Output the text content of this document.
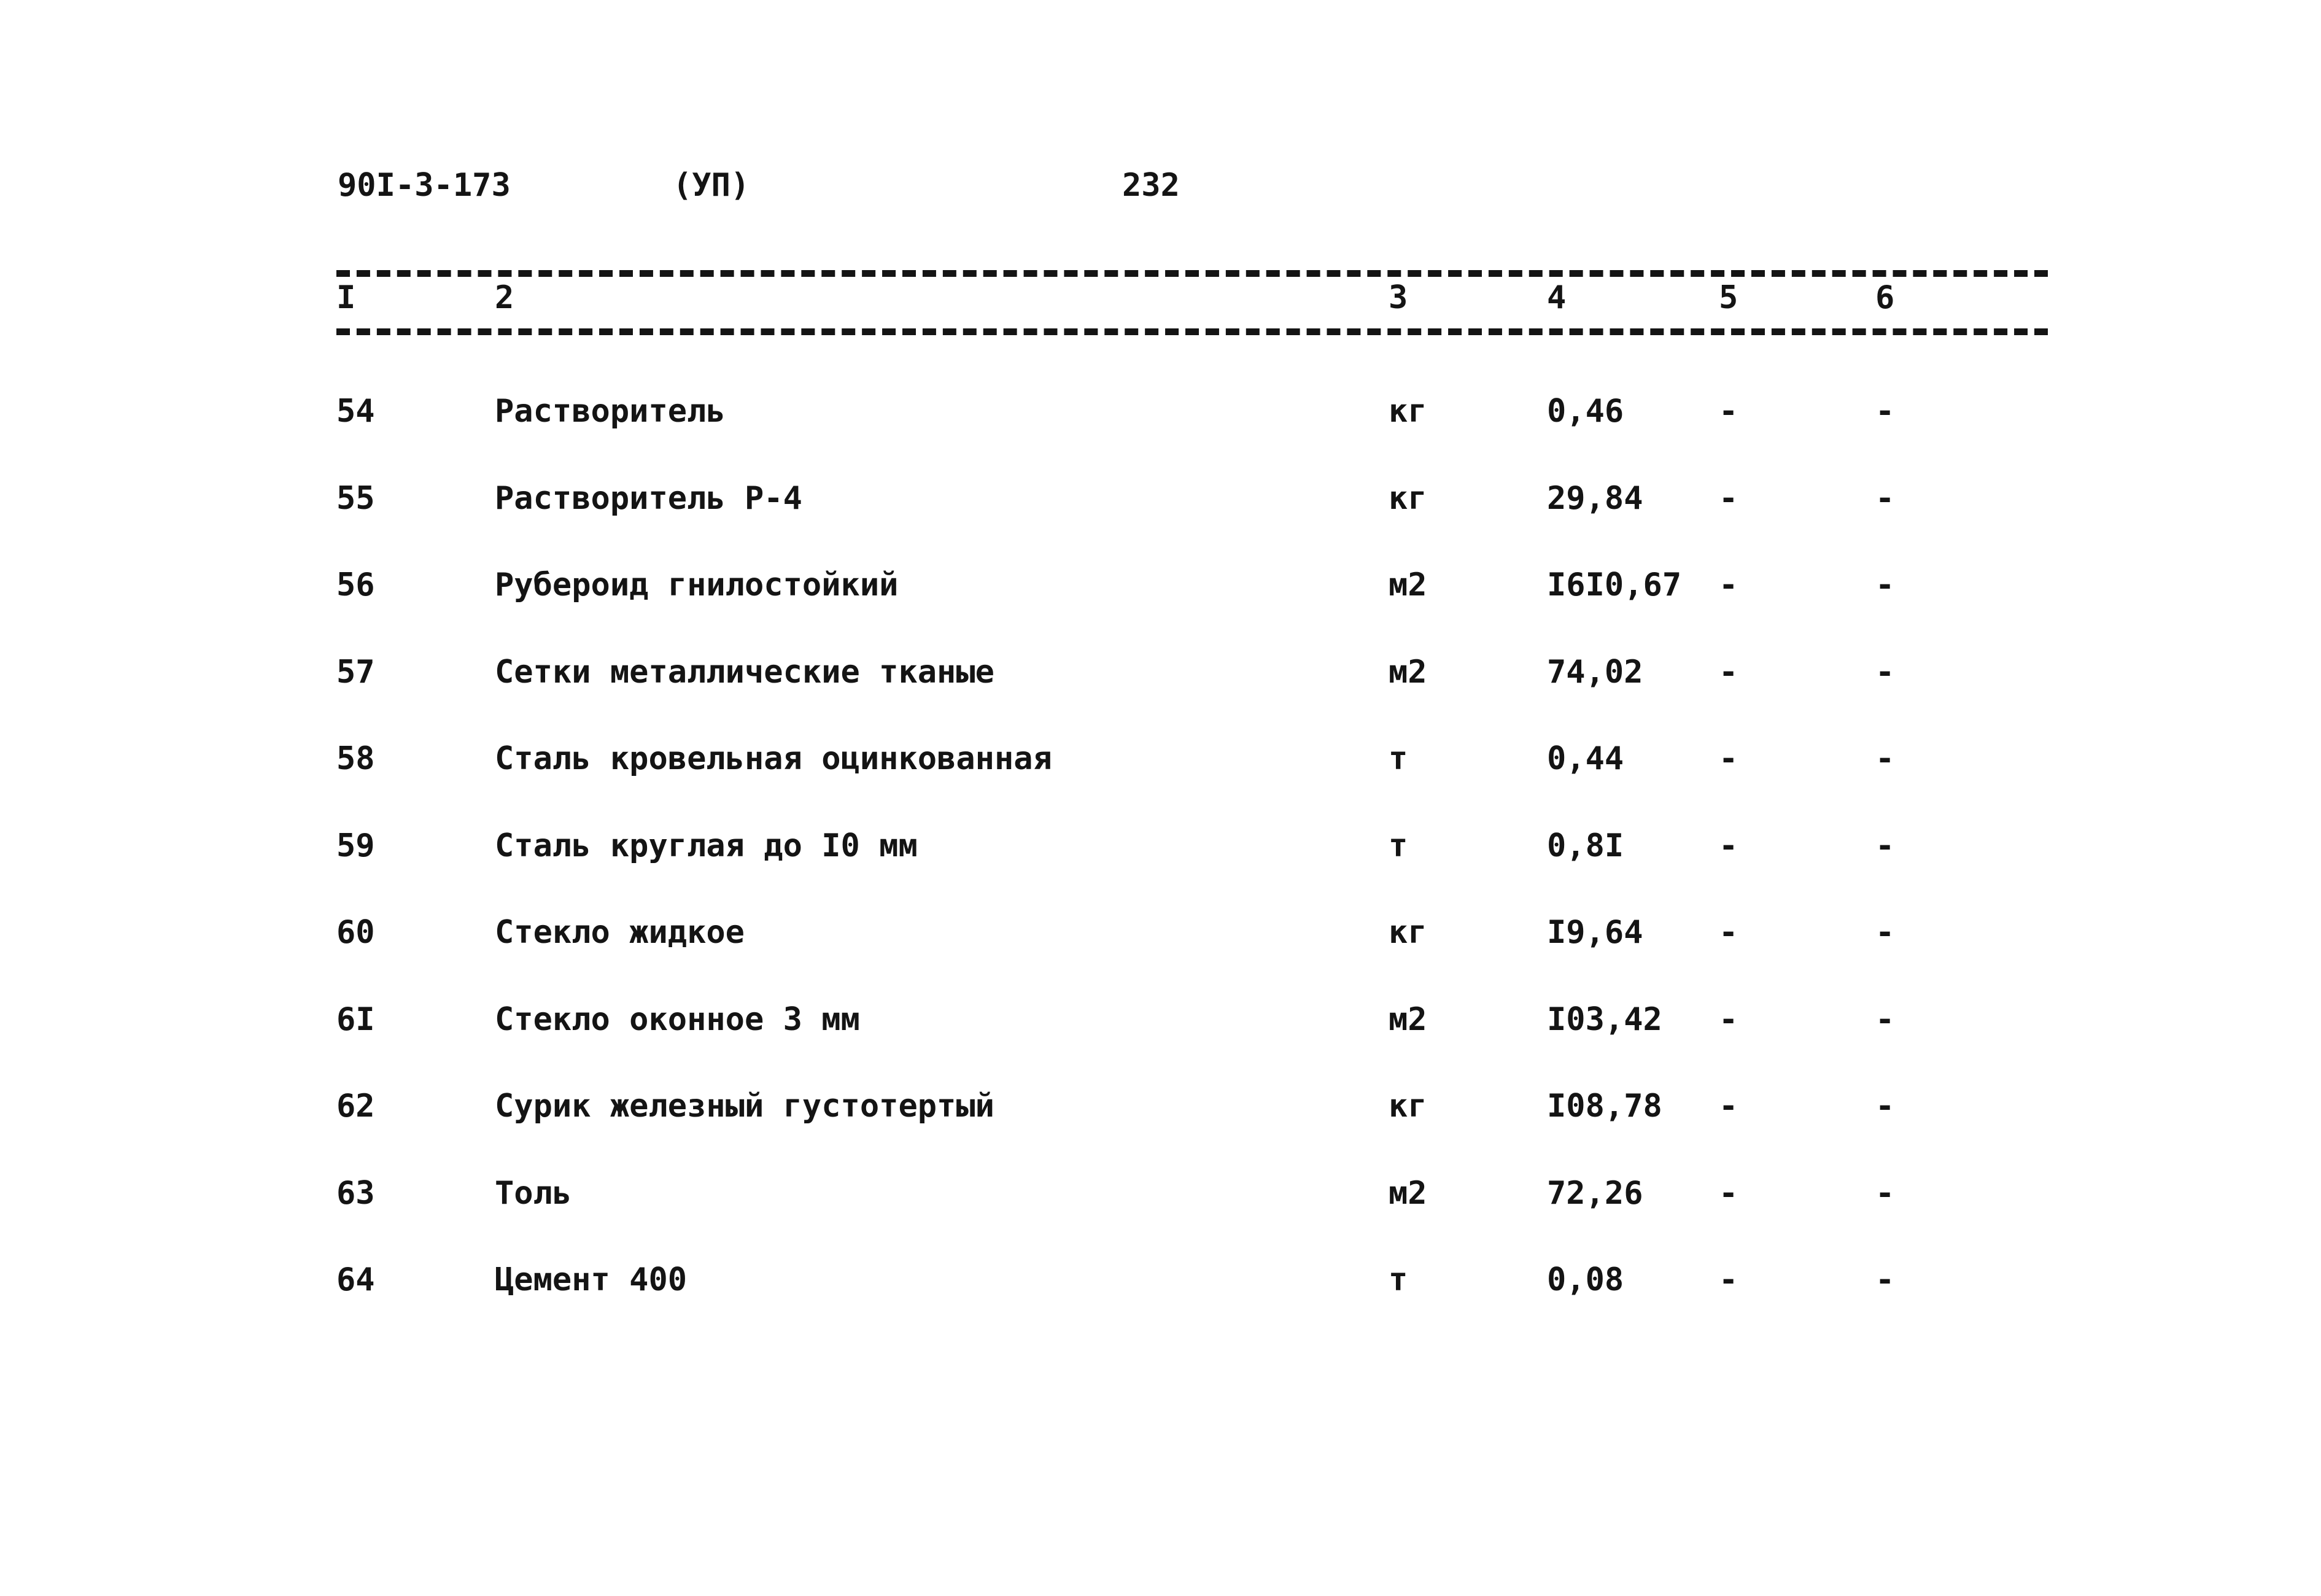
90I-3-173	(УП)	232
I	2	3	4	5	6
54	Растворитель	кг	0,46	-	-
55	Растворитель Р-4	кг	29,84 -	-
56	Рубероид гнилостойкий	м2	I6I0,67 -	-
57	Сетки металлические тканые	м2	74,02 -	-
58	Сталь кровельная оцинкованная	т	0,44	-	-
59	Сталь круглая до I0 мм	т	0,8I	-	-
60	Стекло жидкое	кг	I9,64 -	-
6I	Стекло оконное 3 мм	м2	I03,42 -	-
62	Сурик железный густотертый	кг	I08,78 -	-
63	Толь	м2	72,26 -	-
64	Цемент 400	т	0,08	-	-
